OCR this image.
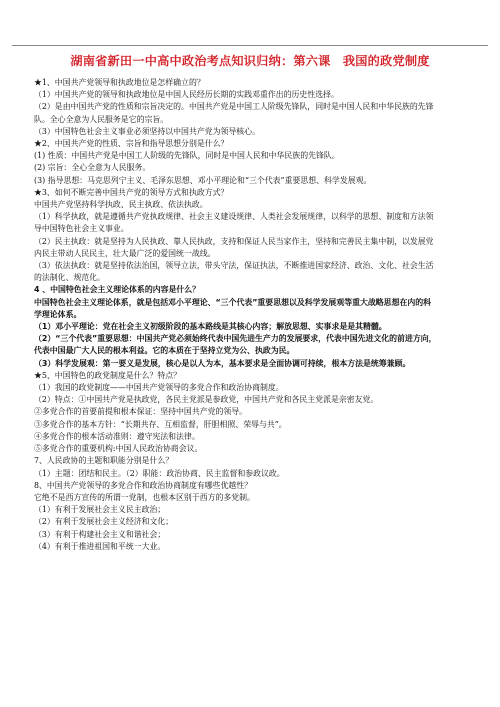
湖南省新田一中高中政治考点知识归纳：第六课　我国的政党制度
★1、中国共产党领导和执政地位是怎样确立的？
（1）中国共产党的领导和执政地位是中国人民经历长期的实践邓重作出的历史性选择。
（2）是由中国共产党的性质和宗旨决定的。中国共产党是中国工人阶级先锋队，同时是中国人民和中华民族的先锋
队。全心全意为人民服务是它的宗旨。
（3）中国特色社会主义事业必须坚持以中国共产党为领导核心。
★2、中国共产党的性质、宗旨和指导思想分别是什么？
(1) 性质：中国共产党是中国工人阶级的先锋队，同时是中国人民和中华民族的先锋队。
(2) 宗旨：全心全意为人民服务。
(3) 指导思想：马克思列宁主义、毛泽东思想、邓小平理论和“三个代表”重要思想、科学发展观。
★3、如何不断完善中国共产党的领导方式和执政方式？
中国共产党坚持科学执政、民主执政、依法执政。
（1）科学执政，就是遵循共产党执政规律、社会主义建设规律、人类社会发展规律，以科学的思想、制度和方法领
导中国特色社会主义事业。
（2）民主执政：就是坚持为人民执政、靠人民执政，支持和保证人民当家作主，坚持和完善民主集中制，以发展党
内民主带动人民民主，壮大最广泛的爱国统一战线。
（3）依法执政：就是坚持依法治国，领导立法，带头守法，保证执法，不断推进国家经济、政治、文化、社会生活
的法制化、规范化。
4 、中国特色社会主义理论体系的内容是什么？
中国特色社会主义理论体系，就是包括邓小平理论、“三个代表”重要思想以及科学发展观等重大战略思想在内的科
学理论体系。
（1）邓小平理论：党在社会主义初级阶段的基本路线是其核心内容；解放思想、实事求是是其精髓。
（2）“三个代表”重要思想：中国共产党必须始终代表中国先进生产力的发展要求，代表中国先进文化的前进方向，
代表中国最广大人民的根本利益。它的本质在于坚持立党为公、执政为民。
（3）科学发展观：第一要义是发展，核心是以人为本，基本要求是全面协调可持续，根本方法是统筹兼顾。
★5、中国特色的政党制度是什么？特点？
（1）我国的政党制度——中国共产党领导的多党合作和政治协商制度。
（2）特点：①中国共产党是执政党，各民主党派是参政党，中国共产党和各民主党派是亲密友党。
②多党合作的首要前提和根本保证：坚持中国共产党的领导。
③多党合作的基本方针：“长期共存、互相监督，肝胆相照、荣辱与共”。
④多党合作的根本活动准则：遵守宪法和法律。
⑤多党合作的重要机构:中国人民政治协商会议。
7、人民政协的主题和职能分别是什么？
（1）主题：团结和民主。（2）职能：政治协商、民主监督和参政议政。
8、中国共产党领导的多党合作和政治协商制度有哪些优越性？
它绝不是西方宣传的所谓一党制，也根本区别于西方的多党制。
（1）有利于发展社会主义民主政治；
（2）有利于发展社会主义经济和文化；
（3）有利于构建社会主义和谐社会；
（4）有利于推进祖国和平统一大业。
